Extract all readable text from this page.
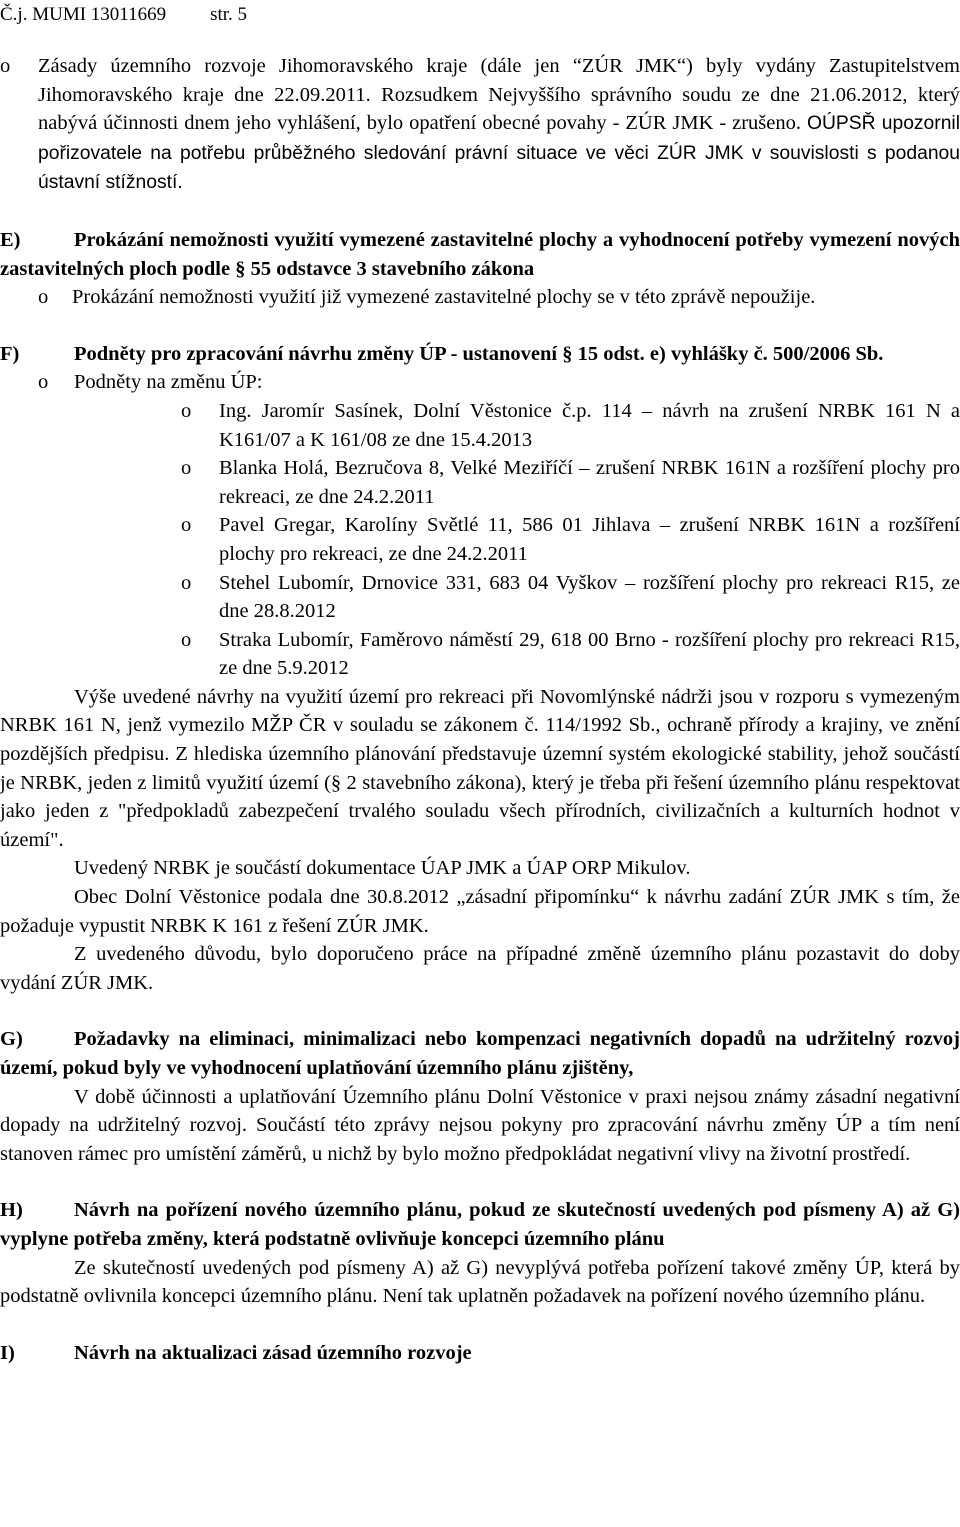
Č.j. MUMI 13011669 str. 5
o Zásady územního rozvoje Jihomoravského kraje (dále jen “ZÚR JMK“) byly vydány Zastupitelstvem Jihomoravského kraje dne 22.09.2011. Rozsudkem Nejvyššího správního soudu ze dne 21.06.2012, který nabývá účinnosti dnem jeho vyhlášení, bylo opatření obecné povahy - ZÚR JMK - zrušeno. OÚPSŘ upozornil pořizovatele na potřebu průběžného sledování právní situace ve věci ZÚR JMK v souvislosti s podanou ústavní stížností.
E)	Prokázání nemožnosti využití vymezené zastavitelné plochy a vyhodnocení potřeby vymezení nových zastavitelných ploch podle § 55 odstavce 3 stavebního zákona
o Prokázání nemožnosti využití již vymezené zastavitelné plochy se v této zprávě nepoužije.
F)	Podněty pro zpracování návrhu změny ÚP - ustanovení § 15 odst. e) vyhlášky č. 500/2006 Sb.
o Podněty na změnu ÚP:
o Ing. Jaromír Sasínek, Dolní Věstonice č.p. 114 – návrh na zrušení NRBK 161 N a K161/07 a K 161/08 ze dne 15.4.2013
o Blanka Holá, Bezručova 8, Velké Meziříčí – zrušení NRBK 161N a rozšíření plochy pro rekreaci, ze dne 24.2.2011
o Pavel Gregar, Karolíny Světlé 11, 586 01 Jihlava – zrušení NRBK 161N a rozšíření plochy pro rekreaci, ze dne 24.2.2011
o Stehel Lubomír, Drnovice 331, 683 04 Vyškov – rozšíření plochy pro rekreaci R15, ze dne 28.8.2012
o Straka Lubomír, Faměrovo náměstí 29, 618 00 Brno - rozšíření plochy pro rekreaci R15, ze dne 5.9.2012
Výše uvedené návrhy na využití území pro rekreaci při Novomlýnské nádrži jsou v rozporu s vymezeným NRBK 161 N, jenž vymezilo MŽP ČR v souladu se zákonem č. 114/1992 Sb., ochraně přírody a krajiny, ve znění pozdějších předpisu. Z hlediska územního plánování představuje územní systém ekologické stability, jehož součástí je NRBK, jeden z limitů využití území (§ 2 stavebního zákona), který je třeba při řešení územního plánu respektovat jako jeden z "předpokladů zabezpečení trvalého souladu všech přírodních, civilizačních a kulturních hodnot v území".
Uvedený NRBK je součástí dokumentace ÚAP JMK a ÚAP ORP Mikulov.
Obec Dolní Věstonice podala dne 30.8.2012 „zásadní připomínku“ k návrhu zadání ZÚR JMK s tím, že požaduje vypustit NRBK K 161 z řešení ZÚR JMK.
Z uvedeného důvodu, bylo doporučeno práce na případné změně územního plánu pozastavit do doby vydání ZÚR JMK.
G)	Požadavky na eliminaci, minimalizaci nebo kompenzaci negativních dopadů na udržitelný rozvoj území, pokud byly ve vyhodnocení uplatňování územního plánu zjištěny,
V době účinnosti a uplatňování Územního plánu Dolní Věstonice v praxi nejsou známy zásadní negativní dopady na udržitelný rozvoj. Součástí této zprávy nejsou pokyny pro zpracování návrhu změny ÚP a tím není stanoven rámec pro umístění záměrů, u nichž by bylo možno předpokládat negativní vlivy na životní prostředí.
H)	Návrh na pořízení nového územního plánu, pokud ze skutečností uvedených pod písmeny A) až G) vyplyne potřeba změny, která podstatně ovlivňuje koncepci územního plánu
Ze skutečností uvedených pod písmeny A) až G) nevyplývá potřeba pořízení takové změny ÚP, která by podstatně ovlivnila koncepci územního plánu. Není tak uplatněn požadavek na pořízení nového územního plánu.
I)	Návrh na aktualizaci zásad územního rozvoje
